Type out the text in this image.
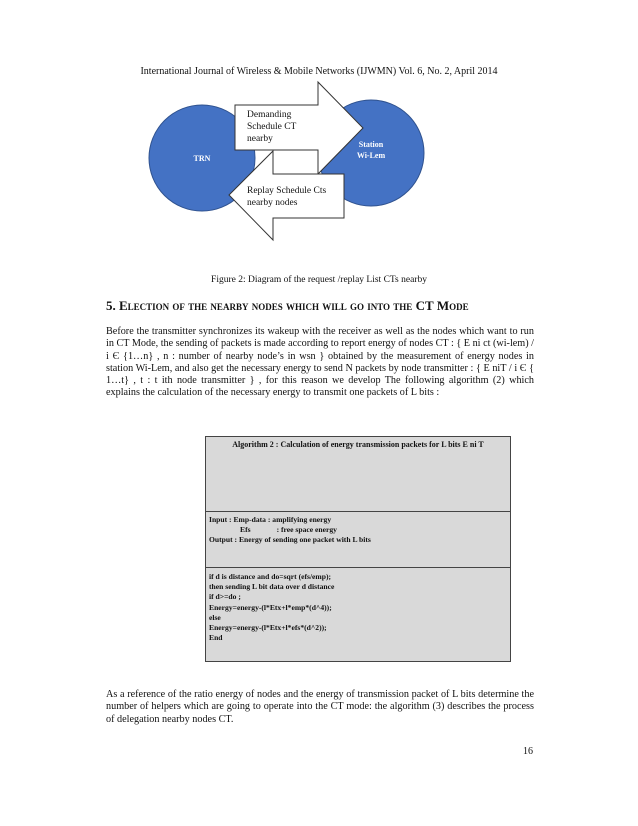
International Journal of Wireless & Mobile Networks (IJWMN) Vol. 6, No. 2, April 2014
TRN
Station
Wi-Lem
Demanding
Schedule CT
nearby
Replay Schedule Cts
nearby nodes
Figure 2: Diagram of the request /replay List CTs nearby
5. Election of the nearby nodes which will go into the CT Mode
Before the transmitter synchronizes its wakeup with the receiver as well as the nodes which want to run in CT Mode, the sending of packets is made according to report energy of nodes CT : { E ni ct (wi-lem) / i Є {1…n} , n : number of nearby node’s in wsn } obtained by the measurement of energy nodes in station Wi-Lem, and also get the necessary energy to send N packets by node transmitter : { E niT / i Є { 1…t} , t : t ith node transmitter } , for this reason we develop The following algorithm (2) which explains the calculation of the necessary energy to transmit one packets of L bits :
Algorithm 2 : Calculation of energy transmission packets for L bits E ni T
Input : Emp-data : amplifying energy
Efs	: free space energy
Output : Energy of sending one packet with L bits
if d is distance and do=sqrt (efs/emp);
then sending L bit data over d distance
if d>=do ;
Energy=energy-(l*Etx+l*emp*(d^4));
else
Energy=energy-(l*Etx+l*efs*(d^2));
End
As a reference of the ratio energy of nodes and the energy of transmission packet of L bits determine the number of helpers which are going to operate into the CT mode: the algorithm (3) describes the process of delegation nearby nodes CT.
16
